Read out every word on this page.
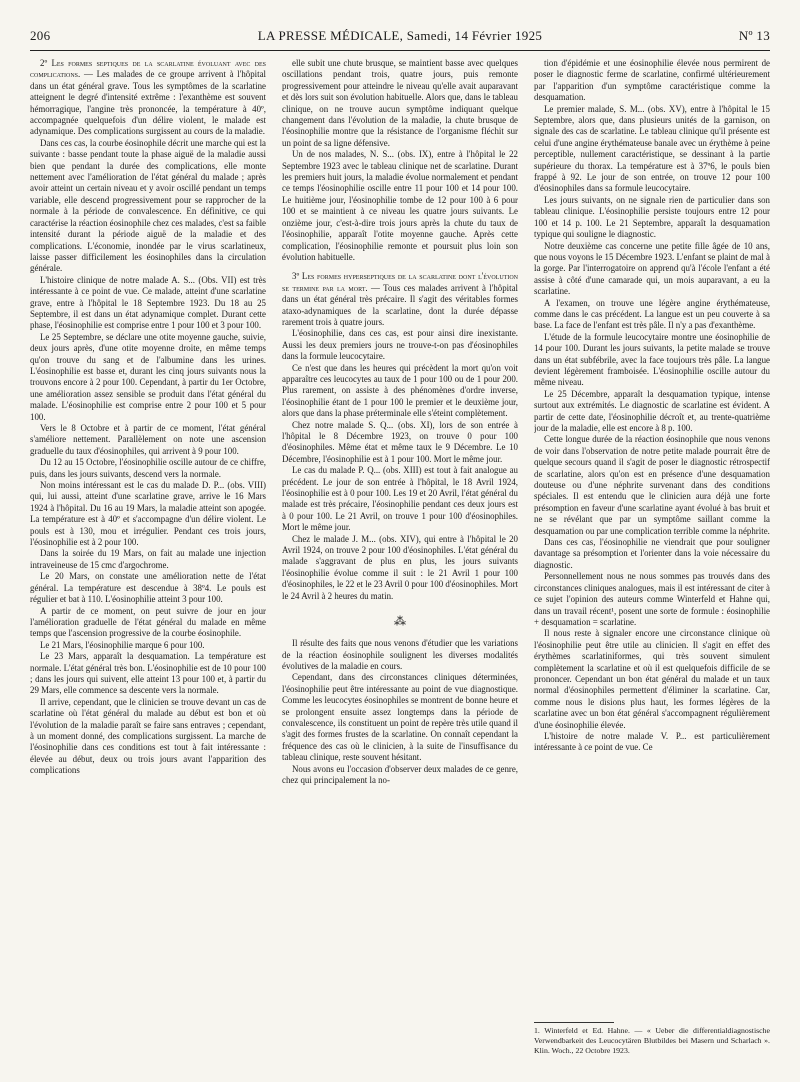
206	LA PRESSE MÉDICALE, Samedi, 14 Février 1925	Nº 13

2º Les formes septiques de la scarlatine évoluant avec des complications. — Les malades de ce groupe arrivent à l'hôpital dans un état général grave. Tous les symptômes de la scarlatine atteignent le degré d'intensité extrême : l'exanthème est souvent hémorragique, l'angine très prononcée, la température à 40º, accompagnée quelquefois d'un délire violent, le malade est adynamique. Des complications surgissent au cours de la maladie.

Dans ces cas, la courbe éosinophile décrit une marche qui est la suivante : basse pendant toute la phase aiguë de la maladie aussi bien que pendant la durée des complications, elle monte nettement avec l'amélioration de l'état général du malade ; après avoir atteint un certain niveau et y avoir oscillé pendant un temps variable, elle descend progressivement pour se rapprocher de la normale à la période de convalescence. En définitive, ce qui caractérise la réaction éosinophile chez ces malades, c'est sa faible intensité durant la période aiguë de la maladie et des complications. L'économie, inondée par le virus scarlatineux, laisse passer difficilement les éosinophiles dans la circulation générale.

L'histoire clinique de notre malade A. S... (Obs. VII) est très intéressante à ce point de vue. Ce malade, atteint d'une scarlatine grave, entre à l'hôpital le 18 Septembre 1923. Du 18 au 25 Septembre, il est dans un état adynamique complet. Durant cette phase, l'éosinophilie est comprise entre 1 pour 100 et 3 pour 100.

Le 25 Septembre, se déclare une otite moyenne gauche, suivie, deux jours après, d'une otite moyenne droite, en même temps qu'on trouve du sang et de l'albumine dans les urines. L'éosinophilie est basse et, durant les cinq jours suivants nous la trouvons encore à 2 pour 100. Cependant, à partir du 1er Octobre, une amélioration assez sensible se produit dans l'état général du malade. L'éosinophilie est comprise entre 2 pour 100 et 5 pour 100.

Vers le 8 Octobre et à partir de ce moment, l'état général s'améliore nettement. Parallèlement on note une ascension graduelle du taux d'éosinophiles, qui arrivent à 9 pour 100.

Du 12 au 15 Octobre, l'éosinophilie oscille autour de ce chiffre, puis, dans les jours suivants, descend vers la normale.

Non moins intéressant est le cas du malade D. P... (obs. VIII) qui, lui aussi, atteint d'une scarlatine grave, arrive le 16 Mars 1924 à l'hôpital. Du 16 au 19 Mars, la maladie atteint son apogée. La température est à 40º et s'accompagne d'un délire violent. Le pouls est à 130, mou et irrégulier. Pendant ces trois jours, l'éosinophilie est à 2 pour 100.

Dans la soirée du 19 Mars, on fait au malade une injection intraveineuse de 15 cmc d'argochrome.

Le 20 Mars, on constate une amélioration nette de l'état général. La température est descendue à 38º4. Le pouls est régulier et bat à 110. L'éosinophilie atteint 3 pour 100.

A partir de ce moment, on peut suivre de jour en jour l'amélioration graduelle de l'état général du malade en même temps que l'ascension progressive de la courbe éosinophile.

Le 21 Mars, l'éosinophilie marque 6 pour 100.

Le 23 Mars, apparaît la desquamation. La température est normale. L'état général très bon. L'éosinophilie est de 10 pour 100 ; dans les jours qui suivent, elle atteint 13 pour 100 et, à partir du 29 Mars, elle commence sa descente vers la normale.

Il arrive, cependant, que le clinicien se trouve devant un cas de scarlatine où l'état général du malade au début est bon et où l'évolution de la maladie paraît se faire sans entraves ; cependant, à un moment donné, des complications surgissent. La marche de l'éosinophilie dans ces conditions est tout à fait intéressante : élevée au début, deux ou trois jours avant l'apparition des complications

elle subit une chute brusque, se maintient basse avec quelques oscillations pendant trois, quatre jours, puis remonte progressivement pour atteindre le niveau qu'elle avait auparavant et dès lors suit son évolution habituelle. Alors que, dans le tableau clinique, on ne trouve aucun symptôme indiquant quelque changement dans l'évolution de la maladie, la chute brusque de l'éosinophilie montre que la résistance de l'organisme fléchit sur un point de sa ligne défensive.

Un de nos malades, N. S... (obs. IX), entre à l'hôpital le 22 Septembre 1923 avec le tableau clinique net de scarlatine. Durant les premiers huit jours, la maladie évolue normalement et pendant ce temps l'éosinophilie oscille entre 11 pour 100 et 14 pour 100. Le huitième jour, l'éosinophilie tombe de 12 pour 100 à 6 pour 100 et se maintient à ce niveau les quatre jours suivants. Le onzième jour, c'est-à-dire trois jours après la chute du taux de l'éosinophilie, apparaît l'otite moyenne gauche. Après cette complication, l'éosinophilie remonte et poursuit plus loin son évolution habituelle.

3º Les formes hyperseptiques de la scarlatine dont l'évolution se termine par la mort. — Tous ces malades arrivent à l'hôpital dans un état général très précaire. Il s'agit des véritables formes ataxo-adynamiques de la scarlatine, dont la durée dépasse rarement trois à quatre jours.

L'éosinophilie, dans ces cas, est pour ainsi dire inexistante. Aussi les deux premiers jours ne trouve-t-on pas d'éosinophiles dans la formule leucocytaire.

Ce n'est que dans les heures qui précèdent la mort qu'on voit apparaître ces leucocytes au taux de 1 pour 100 ou de 1 pour 200. Plus rarement, on assiste à des phénomènes d'ordre inverse, l'éosinophilie étant de 1 pour 100 le premier et le deuxième jour, alors que dans la phase préterminale elle s'éteint complètement.

Chez notre malade S. Q... (obs. XI), lors de son entrée à l'hôpital le 8 Décembre 1923, on trouve 0 pour 100 d'éosinophiles. Même état et même taux le 9 Décembre. Le 10 Décembre, l'éosinophilie est à 1 pour 100. Mort le même jour.

Le cas du malade P. Q... (obs. XIII) est tout à fait analogue au précédent. Le jour de son entrée à l'hôpital, le 18 Avril 1924, l'éosinophilie est à 0 pour 100. Les 19 et 20 Avril, l'état général du malade est très précaire, l'éosinophilie pendant ces deux jours est à 0 pour 100. Le 21 Avril, on trouve 1 pour 100 d'éosinophiles. Mort le même jour.

Chez le malade J. M... (obs. XIV), qui entre à l'hôpital le 20 Avril 1924, on trouve 2 pour 100 d'éosinophiles. L'état général du malade s'aggravant de plus en plus, les jours suivants l'éosinophilie évolue comme il suit : le 21 Avril 1 pour 100 d'éosinophiles, le 22 et le 23 Avril 0 pour 100 d'éosinophiles. Mort le 24 Avril à 2 heures du matin.

⁂

Il résulte des faits que nous venons d'étudier que les variations de la réaction éosinophile soulignent les diverses modalités évolutives de la maladie en cours.

Cependant, dans des circonstances cliniques déterminées, l'éosinophilie peut être intéressante au point de vue diagnostique. Comme les leucocytes éosinophiles se montrent de bonne heure et se prolongent ensuite assez longtemps dans la période de convalescence, ils constituent un point de repère très utile quand il s'agit des formes frustes de la scarlatine. On connaît cependant la fréquence des cas où le clinicien, à la suite de l'insuffisance du tableau clinique, reste souvent hésitant.

Nous avons eu l'occasion d'observer deux malades de ce genre, chez qui principalement la no-

tion d'épidémie et une éosinophilie élevée nous permirent de poser le diagnostic ferme de scarlatine, confirmé ultérieurement par l'apparition d'un symptôme caractéristique comme la desquamation.

Le premier malade, S. M... (obs. XV), entre à l'hôpital le 15 Septembre, alors que, dans plusieurs unités de la garnison, on signale des cas de scarlatine. Le tableau clinique qu'il présente est celui d'une angine érythémateuse banale avec un érythème à peine perceptible, nullement caractéristique, se dessinant à la partie supérieure du thorax. La température est à 37º6, le pouls bien frappé à 92. Le jour de son entrée, on trouve 12 pour 100 d'éosinophiles dans sa formule leucocytaire.

Les jours suivants, on ne signale rien de particulier dans son tableau clinique. L'éosinophilie persiste toujours entre 12 pour 100 et 14 p. 100. Le 21 Septembre, apparaît la desquamation typique qui souligne le diagnostic.

Notre deuxième cas concerne une petite fille âgée de 10 ans, que nous voyons le 15 Décembre 1923. L'enfant se plaint de mal à la gorge. Par l'interrogatoire on apprend qu'à l'école l'enfant a été assise à côté d'une camarade qui, un mois auparavant, a eu la scarlatine.

A l'examen, on trouve une légère angine érythémateuse, comme dans le cas précédent. La langue est un peu couverte à sa base. La face de l'enfant est très pâle. Il n'y a pas d'exanthème.

L'étude de la formule leucocytaire montre une éosinophilie de 14 pour 100. Durant les jours suivants, la petite malade se trouve dans un état subfébrile, avec la face toujours très pâle. La langue devient légèrement framboisée. L'éosinophilie oscille autour du même niveau.

Le 25 Décembre, apparaît la desquamation typique, intense surtout aux extrémités. Le diagnostic de scarlatine est évident. A partir de cette date, l'éosinophilie décroît et, au trente-quatrième jour de la maladie, elle est encore à 8 p. 100.

Cette longue durée de la réaction éosinophile que nous venons de voir dans l'observation de notre petite malade pourrait être de quelque secours quand il s'agit de poser le diagnostic rétrospectif de scarlatine, alors qu'on est en présence d'une desquamation douteuse ou d'une néphrite survenant dans des conditions spéciales. Il est entendu que le clinicien aura déjà une forte présomption en faveur d'une scarlatine ayant évolué à bas bruit et ne se révélant que par un symptôme saillant comme la desquamation ou par une complication terrible comme la néphrite.

Dans ces cas, l'éosinophilie ne viendrait que pour souligner davantage sa présomption et l'orienter dans la voie nécessaire du diagnostic.

Personnellement nous ne nous sommes pas trouvés dans des circonstances cliniques analogues, mais il est intéressant de citer à ce sujet l'opinion des auteurs comme Winterfeld et Hahne qui, dans un travail récent¹, posent une sorte de formule : éosinophilie + desquamation = scarlatine.

Il nous reste à signaler encore une circonstance clinique où l'éosinophilie peut être utile au clinicien. Il s'agit en effet des érythèmes scarlatiniformes, qui très souvent simulent complètement la scarlatine et où il est quelquefois difficile de se prononcer. Cependant un bon état général du malade et un taux normal d'éosinophiles permettent d'éliminer la scarlatine. Car, comme nous le disions plus haut, les formes légères de la scarlatine avec un bon état général s'accompagnent régulièrement d'une éosinophilie élevée.

L'histoire de notre malade V. P... est particulièrement intéressante à ce point de vue. Ce

1. Winterfeld et Ed. Hahne. — « Ueber die differentialdiagnostische Verwendbarkeit des Leucocytären Blutbildes bei Masern und Scharlach ». Klin. Woch., 22 Octobre 1923.
